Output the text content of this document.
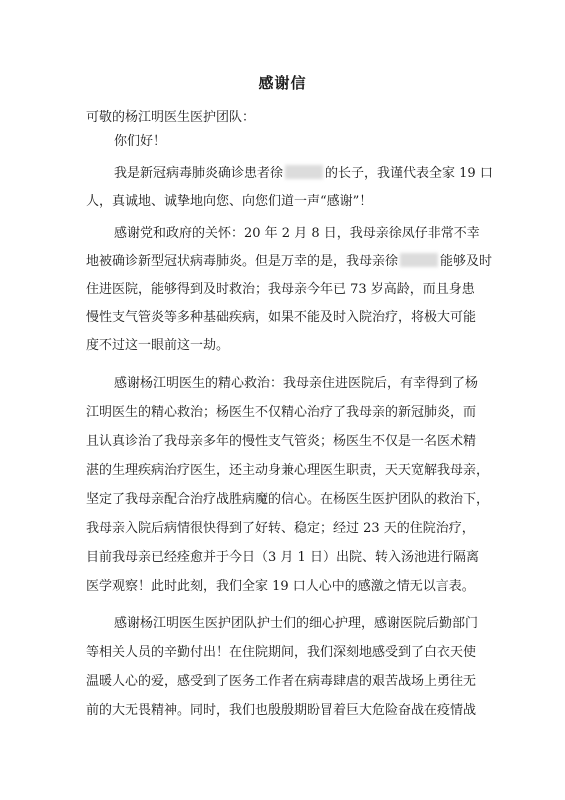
感谢信
可敬的杨江明医生医护团队：
你们好！
我是新冠病毒肺炎确诊患者徐	的长子，我谨代表全家 19 口
人，真诚地、诚挚地向您、向您们道一声“感谢”！
感谢党和政府的关怀：20 年 2 月 8 日，我母亲徐凤仔非常不幸
地被确诊新型冠状病毒肺炎。但是万幸的是，我母亲徐	能够及时
住进医院，能够得到及时救治；我母亲今年已 73 岁高龄，而且身患
慢性支气管炎等多种基础疾病，如果不能及时入院治疗，将极大可能
度不过这一眼前这一劫。
感谢杨江明医生的精心救治：我母亲住进医院后，有幸得到了杨
江明医生的精心救治；杨医生不仅精心治疗了我母亲的新冠肺炎，而
且认真诊治了我母亲多年的慢性支气管炎；杨医生不仅是一名医术精
湛的生理疾病治疗医生，还主动身兼心理医生职责，天天宽解我母亲，
坚定了我母亲配合治疗战胜病魔的信心。在杨医生医护团队的救治下，
我母亲入院后病情很快得到了好转、稳定；经过 23 天的住院治疗，
目前我母亲已经痊愈并于今日（3 月 1 日）出院、转入汤池进行隔离
医学观察！此时此刻，我们全家 19 口人心中的感激之情无以言表。
感谢杨江明医生医护团队护士们的细心护理，感谢医院后勤部门
等相关人员的辛勤付出！在住院期间，我们深刻地感受到了白衣天使
温暖人心的爱，感受到了医务工作者在病毒肆虐的艰苦战场上勇往无
前的大无畏精神。同时，我们也殷殷期盼冒着巨大危险奋战在疫情战
